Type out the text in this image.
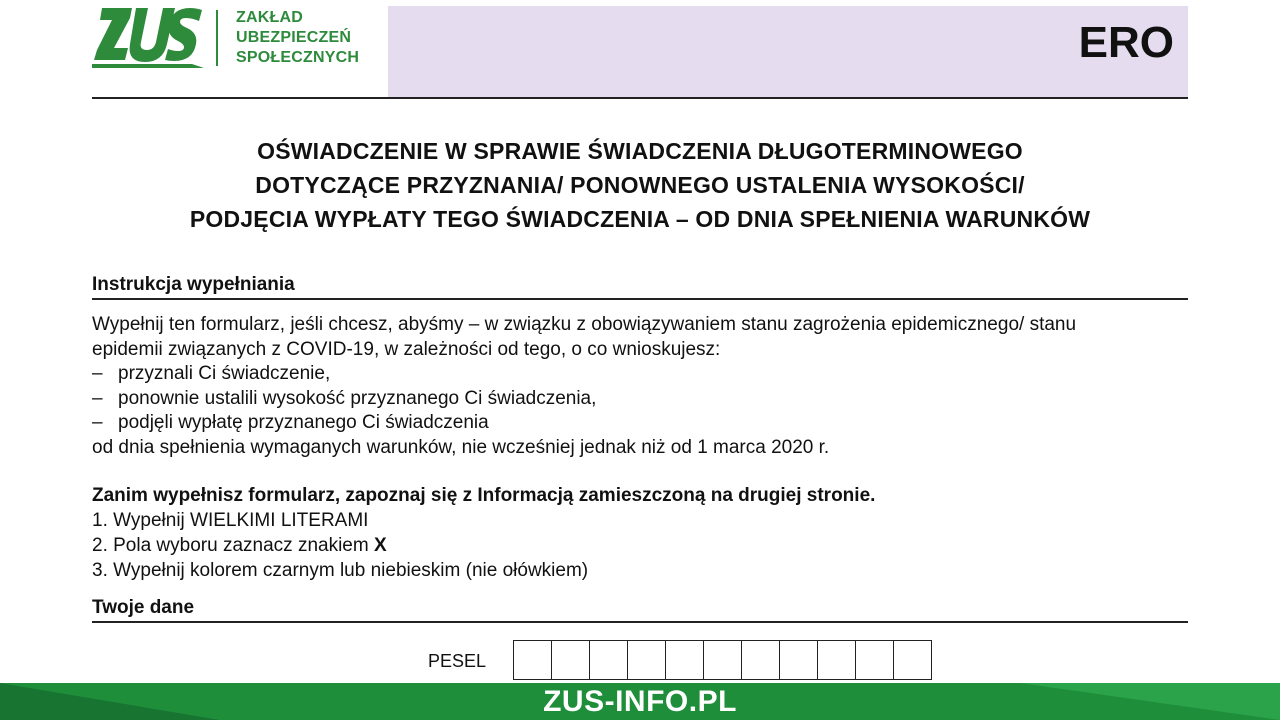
ZAKŁAD
UBEZPIECZEŃ
SPOŁECZNYCH	ERO
OŚWIADCZENIE W SPRAWIE ŚWIADCZENIA DŁUGOTERMINOWEGO
DOTYCZĄCE PRZYZNANIA/ PONOWNEGO USTALENIA WYSOKOŚCI/
PODJĘCIA WYPŁATY TEGO ŚWIADCZENIA – OD DNIA SPEŁNIENIA WARUNKÓW
Instrukcja wypełniania
Wypełnij ten formularz, jeśli chcesz, abyśmy – w związku z obowiązywaniem stanu zagrożenia epidemicznego/ stanu
epidemii związanych z COVID-19, w zależności od tego, o co wnioskujesz:
– przyznali Ci świadczenie,
– ponownie ustalili wysokość przyznanego Ci świadczenia,
– podjęli wypłatę przyznanego Ci świadczenia
od dnia spełnienia wymaganych warunków, nie wcześniej jednak niż od 1 marca 2020 r.
Zanim wypełnisz formularz, zapoznaj się z Informacją zamieszczoną na drugiej stronie.
1. Wypełnij WIELKIMI LITERAMI
2. Pola wyboru zaznacz znakiem X
3. Wypełnij kolorem czarnym lub niebieskim (nie ołówkiem)
Twoje dane
PESEL
ZUS-INFO.PL
